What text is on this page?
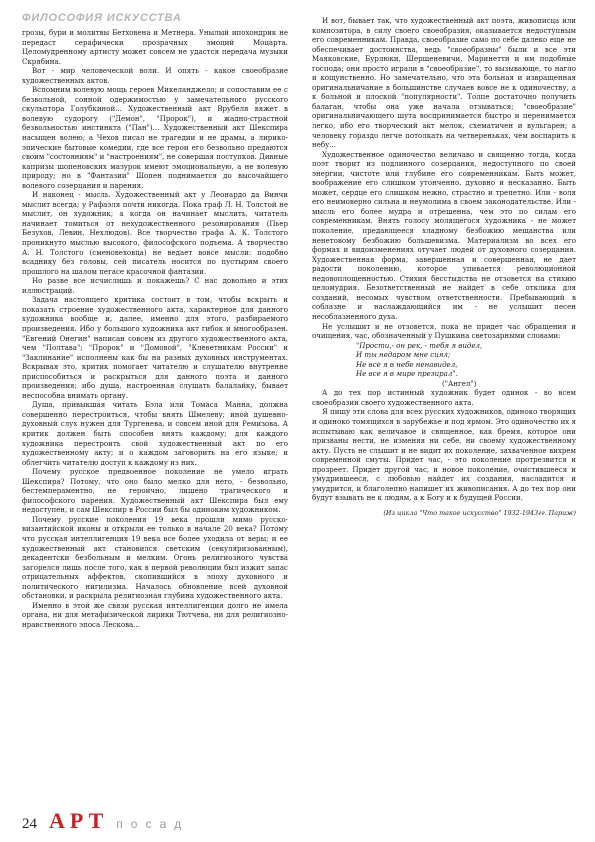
ФИЛОСОФИЯ ИСКУССТВА

грозы, бури и молитвы Бетховена и Метнера. Унылый ипохондрик не передаст серафически прозрачных эмоций Моцарта. Целомудренному артисту может совсем не удастся передача музыки Скрябина.

Вот - мир человеческой воли. И опять - какое своеобразие художественных актов.

Вспомним волевую мощь героев Микеланджело; и сопоставим ее с безвольной, сонной одержимостью у замечательного русского скульптора Голубкиной... Художественный акт Врубеля вяжет в волевую судорогу ("Демон", "Пророк"), и жадно-страстной безвольностью инстинкта ("Пан")... Художественный акт Шекспира насыщен волею; а Чехов писал не трагедии и не драмы, а лирико-эпические бытовые комедии, где все герои его безвольно предаются своим "состояниям" и "настроениям", не совершая поступков. Дивные капризы шопеновских мазурок имеют эмоциональную, а не волевую природу; но в "Фантазии" Шопен поднимается до высочайшего волевого созерцания и парения.

И наконец - мысль. Художественный акт у Леонардо да Винчи мыслит всегда; у Рафаэля почти никогда. Пока граф Л. Н. Толстой не мыслит, он художник; а когда он начинает мыслить, читатель начинает томиться от нехудожественного резонирования (Пьер Безухов, Левин, Нехлюдов). Все творчество графа А. К. Толстого проникнуто мыслью высокого, философского подъема. А творчество А. Н. Толстого (сменовеховца) не ведает вовсе мысли: подобно всаднику без головы, сей писатель носится по пустырям своего прошлого на шалом пегасе красочной фантазии.

Но разве все исчислишь и покажешь? С нас довольно и этих иллюстраций.

Задача настоящего критика состоит в том, чтобы вскрыть и показать строение художественного акта, характерное для данного художника вообще и, далее, именно для этого, разбираемого произведения. Ибо у большого художника акт гибок и многообразен. "Евгений Онегин" написан совсем из другого художественного акта, чем "Полтава"; "Пророк" и "Домовой", "Клеветникам России" и "Заклинание" исполнены как бы на разных духовных инструментах. Вскрывая это, критик помогает читателю и слушателю внутренне приспособиться и раскрыться для данного поэта и данного произведения; ибо душа, настроенная слушать балалайку, бывает неспособна внимать органу.

Душа, привыкшая читать Бэла или Томаса Манна, должна совершенно перестроиться, чтобы внять Шмелеву; иной душевно-духовный слух нужен для Тургенева, и совсем иной для Ремизова. А критик должен быть способен внять каждому; для каждого художника перестроить свой художественный акт по его художественному акту; и о каждом заговорить на его языке; и облегчить читателю доступ к каждому из них.

Почему русское предвоенное поколение не умело играть Шекспира? Потому, что оно было мелко для него, - безвольно, бестемпераментно, не героично, лишено трагического и философского парения. Художественный акт Шекспира был ему недоступен, и сам Шекспир в России был бы одиноким художником.

Почему русские поколения 19 века прошли мимо русско-византийской иконы и открыли ее только в начале 20 века? Потому что русская интеллигенция 19 века все более уходила от веры; и ее художественный акт становился светским (секуляризованным), декадентски безбольным и мелким. Огонь религиозного чувства загорелся лишь после того, как в первой революции был изжит запас отрицательных аффектов, скопившийся в эпоху духовного и политического нигилизма. Началось обновление всей духовной обстановки, и раскрыла религиозная глубина художественного акта.

Именно в этой же связи русская интеллигенция долго не имела органа, ни для метафизической лирики Тютчева, ни для религиозно-нравственного эпоса Лескова...

И вот, бывает так, что художественный акт поэта, живописца или композитора, в силу своего своеобразия, оказывается недоступным его современникам. Правда, своеобразие само по себе далеко еще не обеспечивает достоинства, ведь "своеобразны" были и все эти Маяковские, Бурлюки, Шершеневичи, Маринетти и им подобные господа; они просто играли в "своеобразие", то вызывающе, то нагло и кощунственно. Но замечательно, что эта больная и извращенная оригинальничание в большинстве случаев вовсе не к одиночеству, а к больной и плоской "популярности". Толпе достаточно получить балаган, чтобы она уже начала отзываться; "своеобразие" оригинальничающего шута воспринимается быстро и перенимается легко, ибо его творческий акт мелок, схематичен и вульгарен; а человеку гораздо легче потолкать на четвереньках, чем воспарить к небу...

Художественное одиночество величаво и священно тогда, когда поэт творит из подлинного созерцания, недоступного по своей энергии, чистоте или глубине его современникам. Быть может, воображение его слишком утонченно, духовно и несказанно. Быть может, сердце его слишком нежно, страстно и трепетно. Или - воля его неимоверно сильна и неумолима в своем законодательстве. Или - мысль его более мудра и отрешенна, чем это по силам его современникам. Внять голосу молящегося художника - не может поколение, предающееся хладному безбожию мещанства или ненетовому безбожию большевизма. Материализм во всех его формах и видоизменениях отучает людей от духовного созерцания. Художественная форма, завершенная и совершенная, не дает радости поколению, которое упивается революционной недовоплощенностью. Стихия бесстыдства не отзовется на стихию целомудрия. Безответственный не найдет в себе отклика для созданий, несомых чувством ответственности. Пребывающий в соблазне и наслаждающийся им - не услышит песен несоблазненного духа.

Не услышит и не отзовется, пока не придет час обращения и очищения, час, обозначенный у Пушкина светозарными словами:

"Прости,- он рек, - тебя я видел,
И ты недаром мне сиял;
Не все я в небе ненавидел,
Не все я в мире презирал".
("Ангел")

А до тех пор истинный художник будет одинок - во всем своеобразии своего художественного акта.

Я пишу эти слова для всех русских художников, одиноко творящих и одиноко томящихся в зарубежье и под ярмом. Это одиночество их я испытываю как величавое и священное, как бремя, которое они призваны нести, не изменяя ни себе, ни своему художественному акту. Пусть не слышит и не видит их поколение, захваченное вихрем современной смуты. Придет час, - это поколение протрезвится и прозреет. Придет другой час, и новое поколение, очистившееся и умудрившееся, с любовью найдет их создания, насладится и умудрится, и благолепно напишет их живописания. А до тех пор они будут взывать не к людям, а к Богу и к будущей России.

(Из цикла "Что такое искусство" 1932-1943гг. Париж)
24 АРТ посад
